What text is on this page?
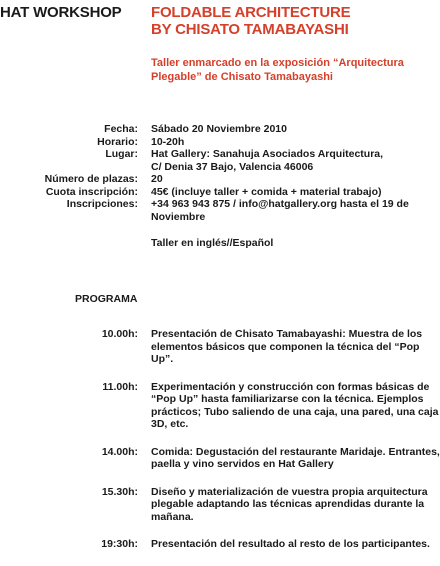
HAT WORKSHOP FOLDABLE ARCHITECTURE
BY CHISATO TAMABAYASHI
Taller enmarcado en la exposición “Arquitectura Plegable” de Chisato Tamabayashi
Fecha: Sábado 20 Noviembre 2010
Horario: 10-20h
Lugar: Hat Gallery: Sanahuja Asociados Arquitectura,
C/ Denia 37 Bajo, Valencia 46006
Número de plazas: 20
Cuota inscripción: 45€ (incluye taller + comida + material trabajo)
Inscripciones: +34 963 943 875 / info@hatgallery.org hasta el 19 de Noviembre
Taller en inglés//Español
PROGRAMA
10.00h: Presentación de Chisato Tamabayashi: Muestra de los elementos básicos que componen la técnica del “Pop Up”.
11.00h: Experimentación y construcción con formas básicas de “Pop Up” hasta familiarizarse con la técnica. Ejemplos prácticos; Tubo saliendo de una caja, una pared, una caja 3D, etc.
14.00h: Comida: Degustación del restaurante Maridaje. Entrantes, paella y vino servidos en Hat Gallery
15.30h: Diseño y materialización de vuestra propia arquitectura plegable adaptando las técnicas aprendidas durante la mañana.
19:30h: Presentación del resultado al resto de los participantes.
